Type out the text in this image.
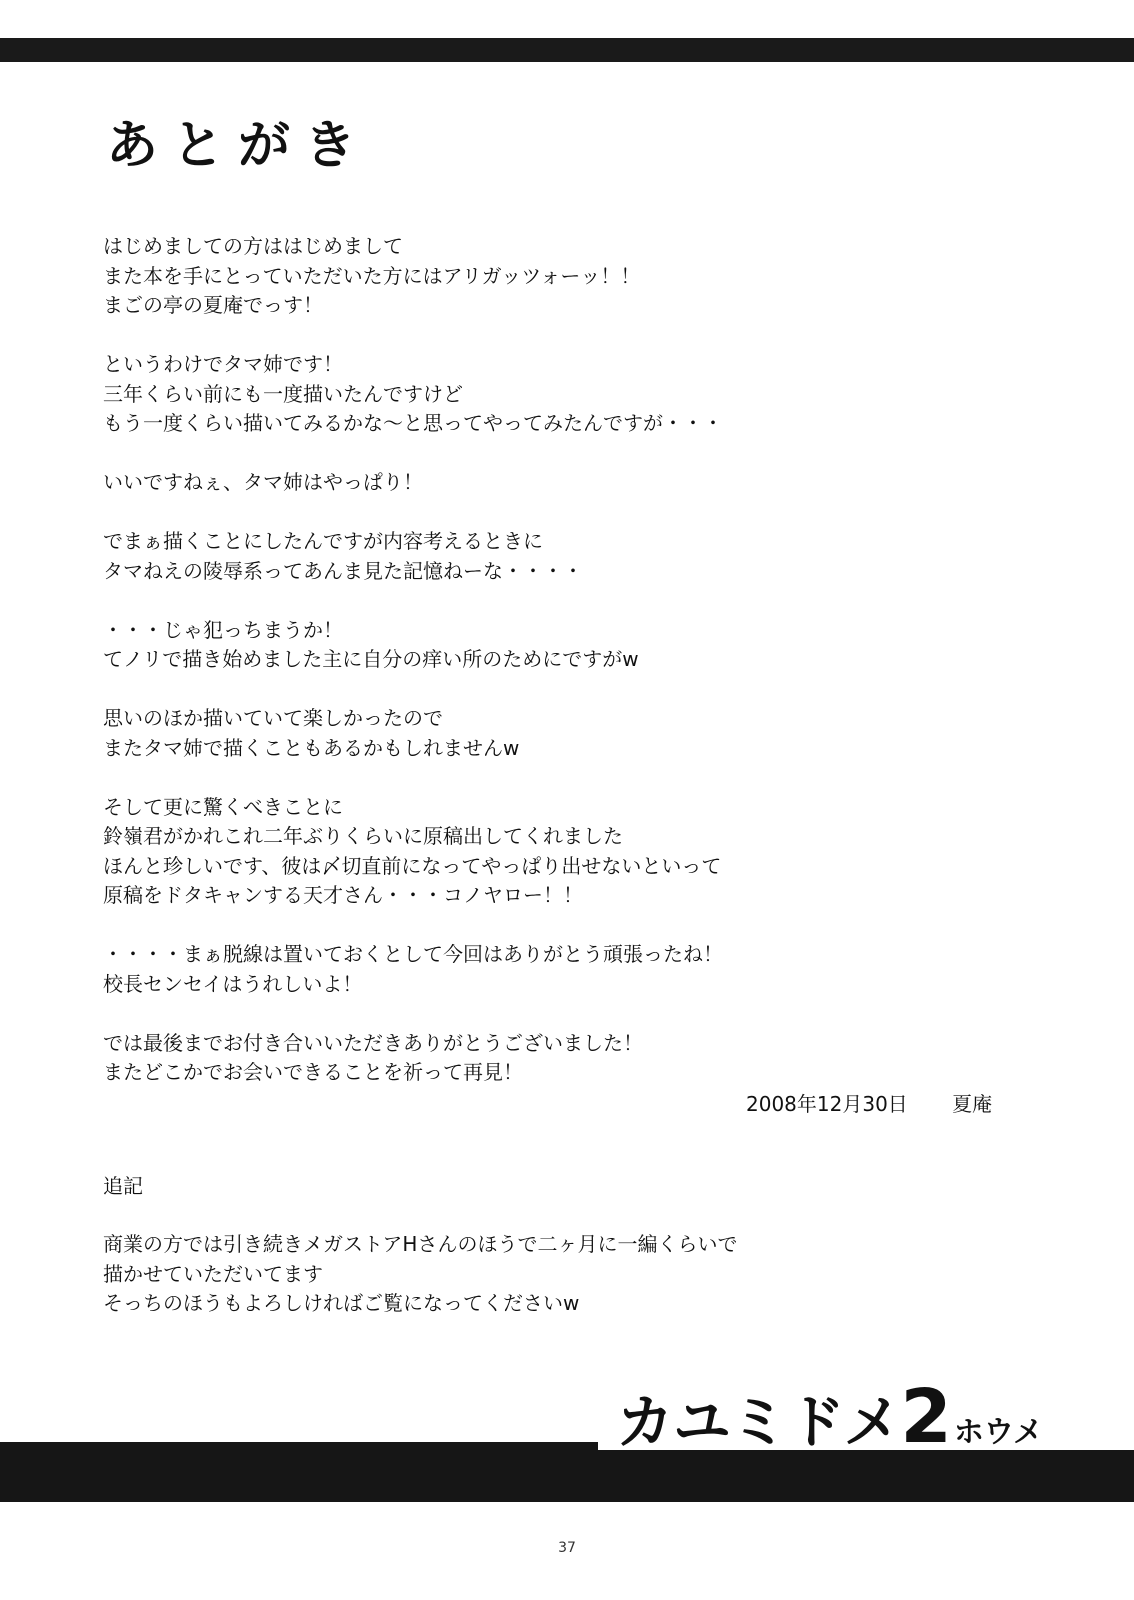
あとがき
はじめましての方ははじめまして
また本を手にとっていただいた方にはアリガッツォーッ！！
まごの亭の夏庵でっす！
というわけでタマ姉です！
三年くらい前にも一度描いたんですけど
もう一度くらい描いてみるかな～と思ってやってみたんですが・・・
いいですねぇ、タマ姉はやっぱり！
でまぁ描くことにしたんですが内容考えるときに
タマねえの陵辱系ってあんま見た記憶ねーな・・・・
・・・じゃ犯っちまうか！
てノリで描き始めました主に自分の痒い所のためにですがw
思いのほか描いていて楽しかったので
またタマ姉で描くこともあるかもしれませんw
そして更に驚くべきことに
鈴嶺君がかれこれ二年ぶりくらいに原稿出してくれました
ほんと珍しいです、彼は〆切直前になってやっぱり出せないといって
原稿をドタキャンする天才さん・・・コノヤロー！！
・・・・まぁ脱線は置いておくとして今回はありがとう頑張ったね！
校長センセイはうれしいよ！
では最後までお付き合いいただきありがとうございました！
またどこかでお会いできることを祈って再見！
2008年12月30日 夏庵
追記
商業の方では引き続きメガストアHさんのほうで二ヶ月に一編くらいで
描かせていただいてます
そっちのほうもよろしければご覧になってくださいw
カユミドメ2ホウメ
37
